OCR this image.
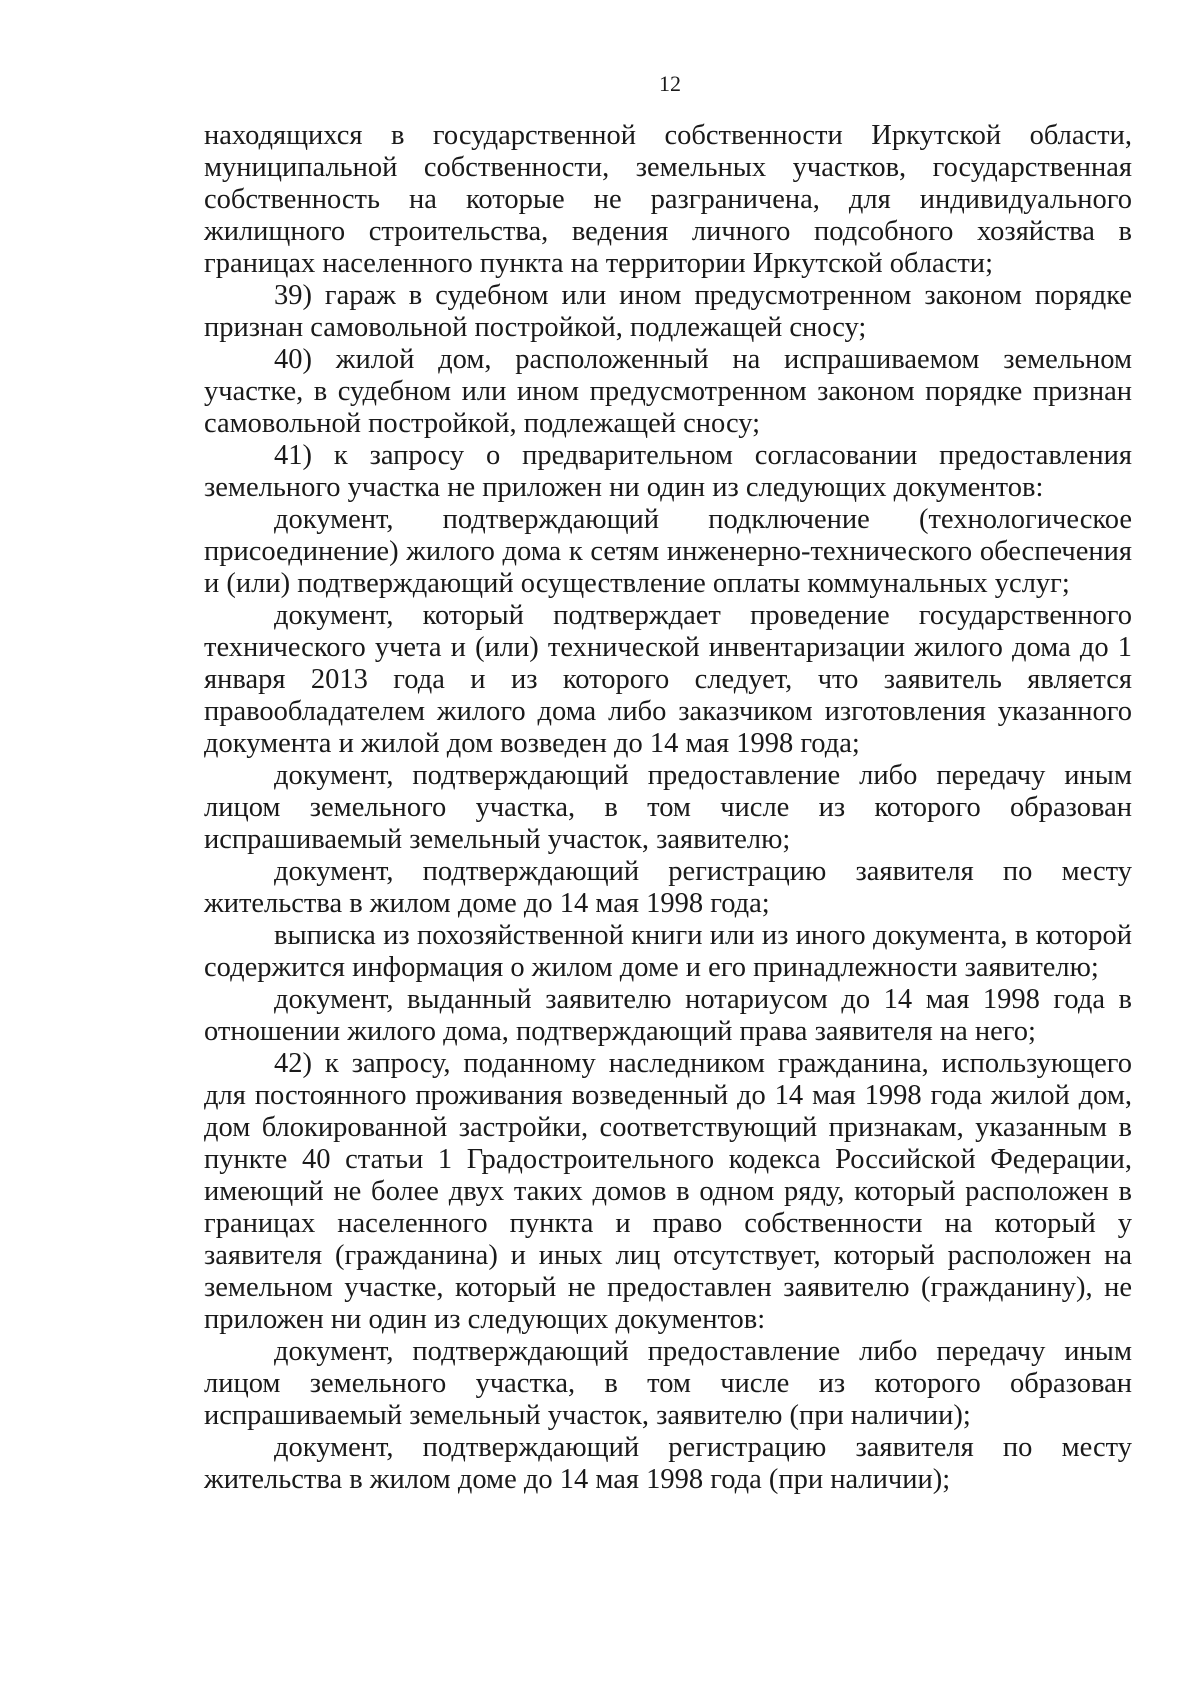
12

находящихся в государственной собственности Иркутской области, муниципальной собственности, земельных участков, государственная собственность на которые не разграничена, для индивидуального жилищного строительства, ведения личного подсобного хозяйства в границах населенного пункта на территории Иркутской области;

39) гараж в судебном или ином предусмотренном законом порядке признан самовольной постройкой, подлежащей сносу;

40) жилой дом, расположенный на испрашиваемом земельном участке, в судебном или ином предусмотренном законом порядке признан самовольной постройкой, подлежащей сносу;

41) к запросу о предварительном согласовании предоставления земельного участка не приложен ни один из следующих документов:

документ, подтверждающий подключение (технологическое присоединение) жилого дома к сетям инженерно-технического обеспечения и (или) подтверждающий осуществление оплаты коммунальных услуг;

документ, который подтверждает проведение государственного технического учета и (или) технической инвентаризации жилого дома до 1 января 2013 года и из которого следует, что заявитель является правообладателем жилого дома либо заказчиком изготовления указанного документа и жилой дом возведен до 14 мая 1998 года;

документ, подтверждающий предоставление либо передачу иным лицом земельного участка, в том числе из которого образован испрашиваемый земельный участок, заявителю;

документ, подтверждающий регистрацию заявителя по месту жительства в жилом доме до 14 мая 1998 года;

выписка из похозяйственной книги или из иного документа, в которой содержится информация о жилом доме и его принадлежности заявителю;

документ, выданный заявителю нотариусом до 14 мая 1998 года в отношении жилого дома, подтверждающий права заявителя на него;

42) к запросу, поданному наследником гражданина, использующего для постоянного проживания возведенный до 14 мая 1998 года жилой дом, дом блокированной застройки, соответствующий признакам, указанным в пункте 40 статьи 1 Градостроительного кодекса Российской Федерации, имеющий не более двух таких домов в одном ряду, который расположен в границах населенного пункта и право собственности на который у заявителя (гражданина) и иных лиц отсутствует, который расположен на земельном участке, который не предоставлен заявителю (гражданину), не приложен ни один из следующих документов:

документ, подтверждающий предоставление либо передачу иным лицом земельного участка, в том числе из которого образован испрашиваемый земельный участок, заявителю (при наличии);

документ, подтверждающий регистрацию заявителя по месту жительства в жилом доме до 14 мая 1998 года (при наличии);
